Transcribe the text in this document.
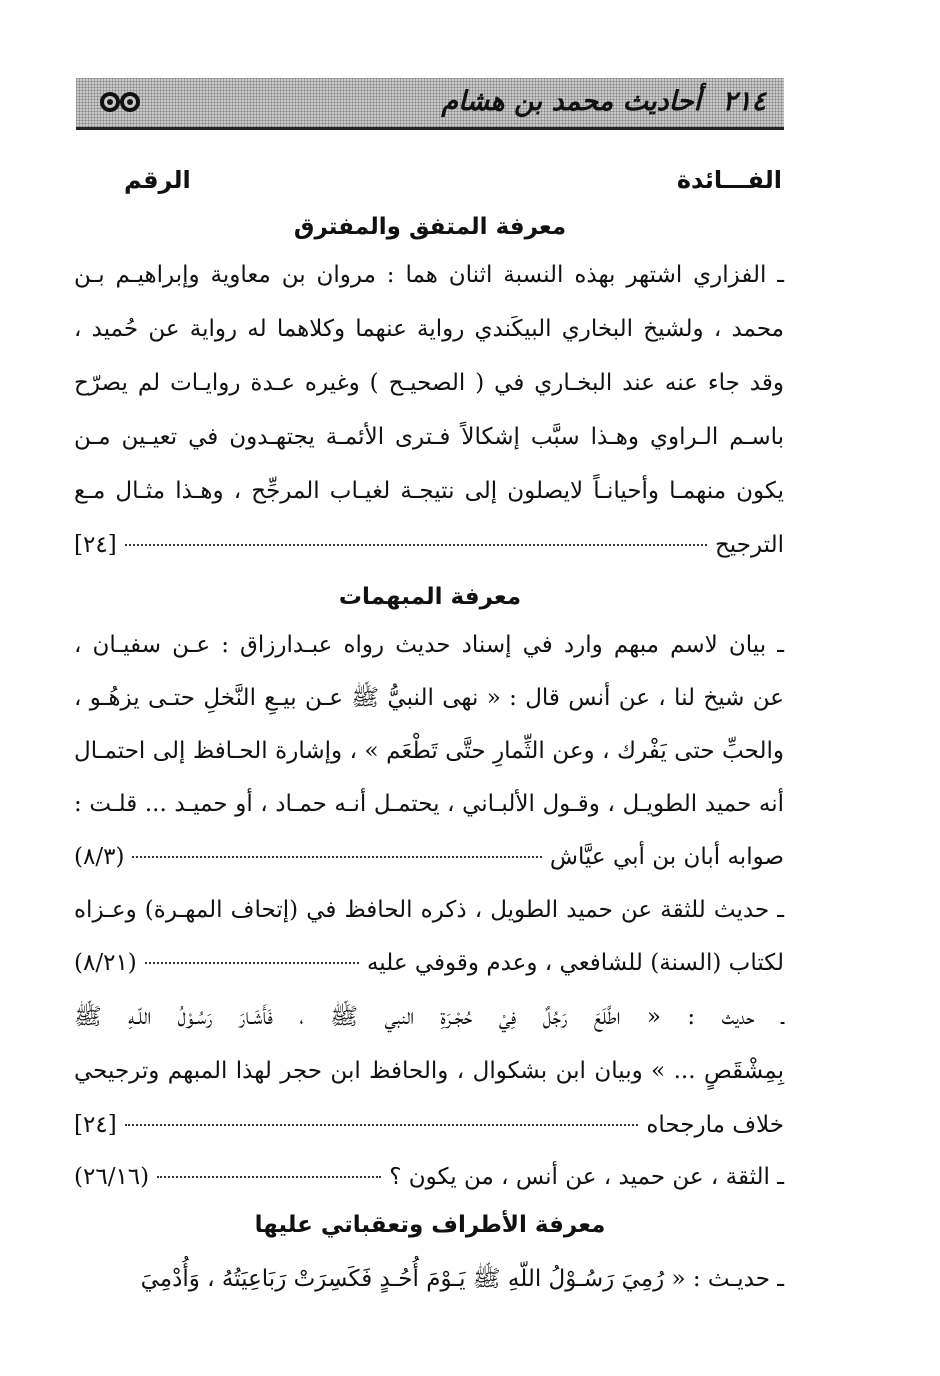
٢١٤ أحاديث محمد بن هشام
الفـــائدة
الرقم
معرفة المتفق والمفترق
ـ الفزاري اشتهر بهذه النسبة اثنان هما : مروان بن معاوية وإبراهيـم بـن
محمد ، ولشيخ البخاري البيكَندي رواية عنهما وكلاهما له رواية عن حُميد ،
وقد جاء عنه عند البخـاري في ( الصحيـح ) وغيره عـدة روايـات لم يصرّح
باسـم الـراوي وهـذا سبَّب إشكالاً فـترى الأئمـة يجتهـدون في تعيـين مـن
يكون منهمـا وأحيانـاً لايصلون إلى نتيجـة لغيـاب المرجِّح ، وهـذا مثـال مـع
الترجيح
[٢٤]
معرفة المبهمات
ـ بيان لاسم مبهم وارد في إسناد حديث رواه عبـدارزاق : عـن سفيـان ،
عن شيخ لنا ، عن أنس قال : « نهى النبيُّ ﷺ عـن بيـعِ النَّخلِ حتـى يزهُـو ،
والحبِّ حتى يَفْرك ، وعن الثِّمارِ حتَّى تَطْعَم » ، وإشارة الحـافظ إلى احتمـال
أنه حميد الطويـل ، وقـول الألبـاني ، يحتمـل أنـه حمـاد ، أو حميـد ... قلـت :
صوابه أبان بن أبي عيَّاش
(٨/٣)
ـ حديث للثقة عن حميد الطويل ، ذكره الحافظ في (إتحاف المهـرة) وعـزاه
لكتاب (السنة) للشافعي ، وعدم وقوفي عليه
(٨/٢١)
ـ حديث : « اطَّلَعَ رَجُلٌ فِيْ حُجْـرَةِ النبي ﷺ ، فَأَشَـارَ رَسُـوْلُ اللّـهِ ﷺ
بِمِشْقَصٍ ... » وبيان ابن بشكوال ، والحافظ ابن حجر لهذا المبهم وترجيحي
خلاف مارجحاه
[٢٤]
ـ الثقة ، عن حميد ، عن أنس ، من يكون ؟
(٢٦/١٦)
معرفة الأطراف وتعقباتي عليها
ـ حديـث : « رُمِيَ رَسُـوْلُ اللّهِ ﷺ يَـوْمَ أُحُـدٍ فَكَسِرَتْ رَبَاعِيَتُهُ ، وَأُدْمِيَ
